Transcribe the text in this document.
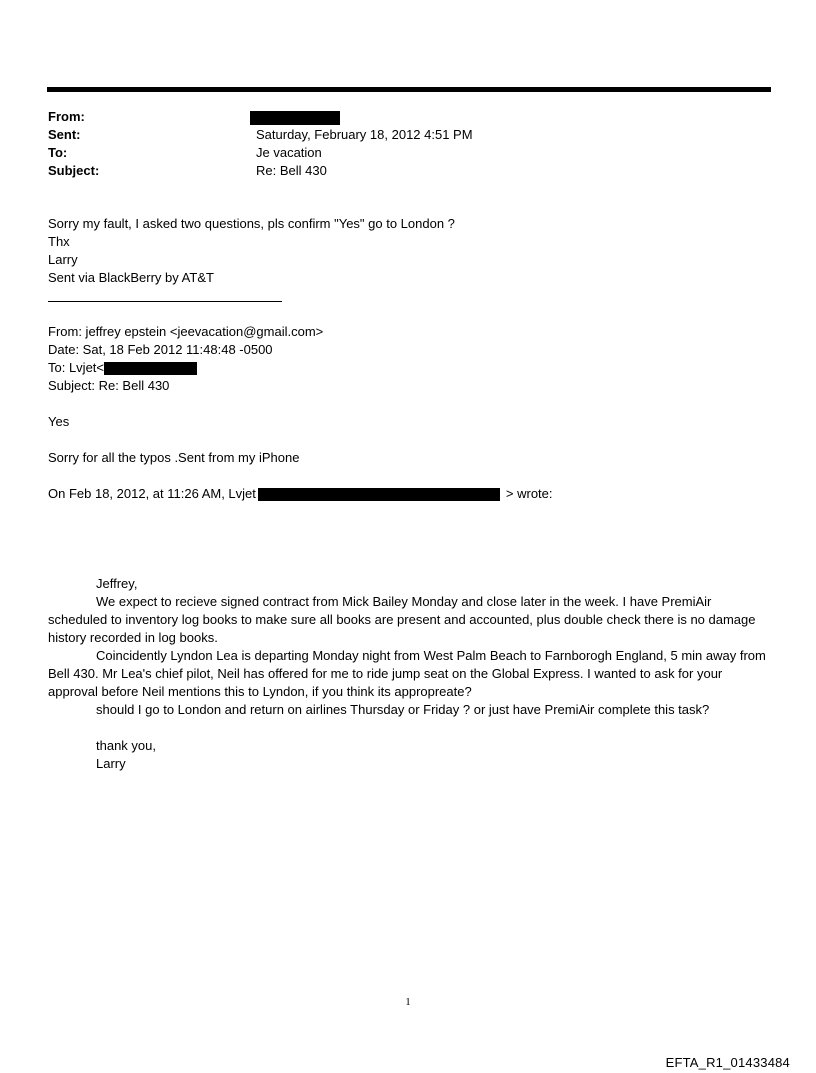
From:
Sent:	Saturday, February 18, 2012 4:51 PM
To:	Je vacation
Subject:	Re: Bell 430
Sorry my fault, I asked two questions, pls confirm "Yes" go to London ?
Thx
Larry
Sent via BlackBerry by AT&T
From: jeffrey epstein <jeevacation@gmail.com>
Date: Sat, 18 Feb 2012 11:48:48 -0500
To: Lvjet<
Subject: Re: Bell 430
Yes
Sorry for all the typos .Sent from my iPhone
On Feb 18, 2012, at 11:26 AM, Lvjet	> wrote:

Jeffrey,

We expect to recieve signed contract from Mick Bailey Monday and close later in the week. I have PremiAir scheduled to inventory log books to make sure all books are present and accounted, plus double check there is no damage history recorded in log books.

Coincidently Lyndon Lea is departing Monday night from West Palm Beach to Farnborogh England, 5 min away from Bell 430. Mr Lea's chief pilot, Neil has offered for me to ride jump seat on the Global Express. I wanted to ask for your approval before Neil mentions this to Lyndon, if you think its appropreate?

should I go to London and return on airlines Thursday or Friday ? or just have PremiAir complete this task?

thank you,

Larry

1
EFTA_R1_01433484
